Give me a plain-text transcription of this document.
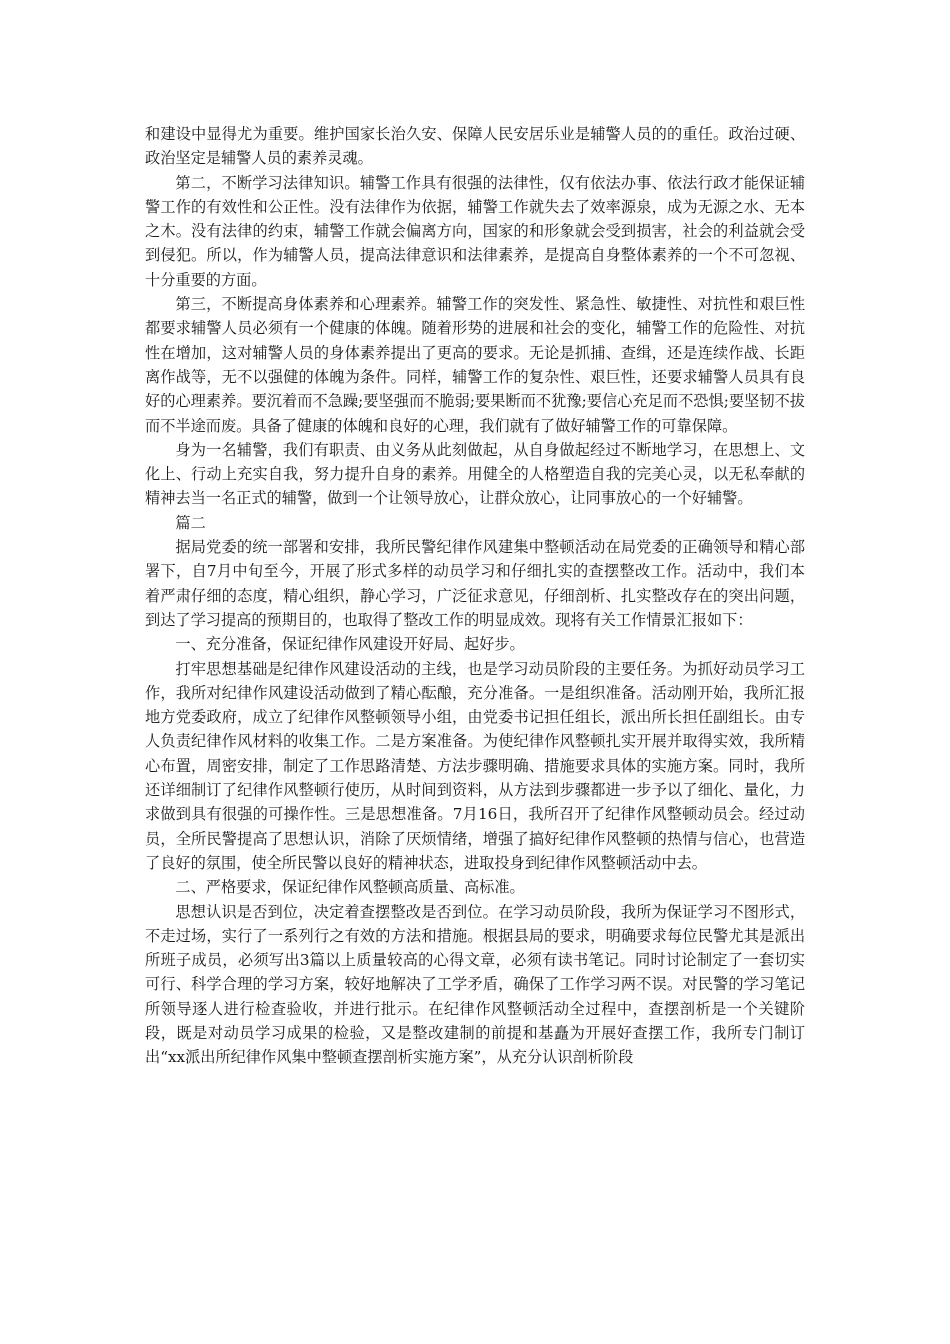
和建设中显得尤为重要。维护国家长治久安、保障人民安居乐业是辅警人员的的重任。政治过硬、政治坚定是辅警人员的素养灵魂。

第二，不断学习法律知识。辅警工作具有很强的法律性，仅有依法办事、依法行政才能保证辅警工作的有效性和公正性。没有法律作为依据，辅警工作就失去了效率源泉，成为无源之水、无本之木。没有法律的约束，辅警工作就会偏离方向，国家的和形象就会受到损害，社会的利益就会受到侵犯。所以，作为辅警人员，提高法律意识和法律素养，是提高自身整体素养的一个不可忽视、十分重要的方面。

第三，不断提高身体素养和心理素养。辅警工作的突发性、紧急性、敏捷性、对抗性和艰巨性都要求辅警人员必须有一个健康的体魄。随着形势的进展和社会的变化，辅警工作的危险性、对抗性在增加，这对辅警人员的身体素养提出了更高的要求。无论是抓捕、查缉，还是连续作战、长距离作战等，无不以强健的体魄为条件。同样，辅警工作的复杂性、艰巨性，还要求辅警人员具有良好的心理素养。要沉着而不急躁;要坚强而不脆弱;要果断而不犹豫;要信心充足而不恐惧;要坚韧不拔而不半途而废。具备了健康的体魄和良好的心理，我们就有了做好辅警工作的可靠保障。

身为一名辅警，我们有职责、由义务从此刻做起，从自身做起经过不断地学习，在思想上、文化上、行动上充实自我，努力提升自身的素养。用健全的人格塑造自我的完美心灵，以无私奉献的精神去当一名正式的辅警，做到一个让领导放心，让群众放心，让同事放心的一个好辅警。

篇二

据局党委的统一部署和安排，我所民警纪律作风建集中整顿活动在局党委的正确领导和精心部署下，自7月中旬至今，开展了形式多样的动员学习和仔细扎实的查摆整改工作。活动中，我们本着严肃仔细的态度，精心组织，静心学习，广泛征求意见，仔细剖析、扎实整改存在的突出问题，到达了学习提高的预期目的，也取得了整改工作的明显成效。现将有关工作情景汇报如下：

一、充分准备，保证纪律作风建设开好局、起好步。

打牢思想基础是纪律作风建设活动的主线，也是学习动员阶段的主要任务。为抓好动员学习工作，我所对纪律作风建设活动做到了精心酝酿，充分准备。一是组织准备。活动刚开始，我所汇报地方党委政府，成立了纪律作风整顿领导小组，由党委书记担任组长，派出所长担任副组长。由专人负责纪律作风材料的收集工作。二是方案准备。为使纪律作风整顿扎实开展并取得实效，我所精心布置，周密安排，制定了工作思路清楚、方法步骤明确、措施要求具体的实施方案。同时，我所还详细制订了纪律作风整顿行使历，从时间到资料，从方法到步骤都进一步予以了细化、量化，力求做到具有很强的可操作性。三是思想准备。7月16日，我所召开了纪律作风整顿动员会。经过动员，全所民警提高了思想认识，消除了厌烦情绪，增强了搞好纪律作风整顿的热情与信心，也营造了良好的氛围，使全所民警以良好的精神状态，进取投身到纪律作风整顿活动中去。

二、严格要求，保证纪律作风整顿高质量、高标准。

思想认识是否到位，决定着查摆整改是否到位。在学习动员阶段，我所为保证学习不图形式，不走过场，实行了一系列行之有效的方法和措施。根据县局的要求，明确要求每位民警尤其是派出所班子成员，必须写出3篇以上质量较高的心得文章，必须有读书笔记。同时讨论制定了一套切实可行、科学合理的学习方案，较好地解决了工学矛盾，确保了工作学习两不误。对民警的学习笔记所领导逐人进行检查验收，并进行批示。在纪律作风整顿活动全过程中，查摆剖析是一个关键阶段，既是对动员学习成果的检验，又是整改建制的前提和基矗为开展好查摆工作，我所专门制订出“xx派出所纪律作风集中整顿查摆剖析实施方案”，从充分认识剖析阶段
